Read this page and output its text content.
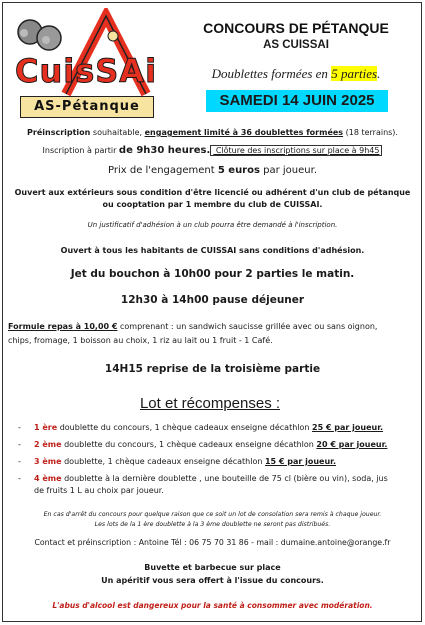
CuisSAi
AS-Pétanque
CONCOURS DE PÉTANQUE
AS CUISSAI
Doublettes formées en 5 parties.
SAMEDI 14 JUIN 2025
Préinscription souhaitable, engagement limité à 36 doublettes formées (18 terrains).
Inscription à partir de 9h30 heures. Clôture des inscriptions sur place à 9h45
Prix de l'engagement 5 euros par joueur.
Ouvert aux extérieurs sous condition d'être licencié ou adhérent d'un club de pétanque
ou cooptation par 1 membre du club de CUISSAI.
Un justificatif d'adhésion à un club pourra être demandé à l'inscription.
Ouvert à tous les habitants de CUISSAI sans conditions d'adhésion.
Jet du bouchon à 10h00 pour 2 parties le matin.
12h30 à 14h00 pause déjeuner
Formule repas à 10,00 € comprenant : un sandwich saucisse grillée avec ou sans oignon,
chips, fromage, 1 boisson au choix, 1 riz au lait ou 1 fruit - 1 Café.
14H15 reprise de la troisième partie
Lot et récompenses :
- 1 ère doublette du concours, 1 chèque cadeaux enseigne décathlon 25 € par joueur.
- 2 ème doublette du concours, 1 chèque cadeaux enseigne décathlon 20 € par joueur.
- 3 ème doublette, 1 chèque cadeaux enseigne décathlon 15 € par joueur.
- 4 ème doublette à la dernière doublette , une bouteille de 75 cl (bière ou vin), soda, jus
de fruits 1 L au choix par joueur.
En cas d'arrêt du concours pour quelque raison que ce soit un lot de consolation sera remis à chaque joueur.
Les lots de la 1 ère doublette à la 3 ème doublette ne seront pas distribués.
Contact et préinscription : Antoine Tél : 06 75 70 31 86 - mail : dumaine.antoine@orange.fr
Buvette et barbecue sur place
Un apéritif vous sera offert à l'issue du concours.
L'abus d'alcool est dangereux pour la santé à consommer avec modération.
